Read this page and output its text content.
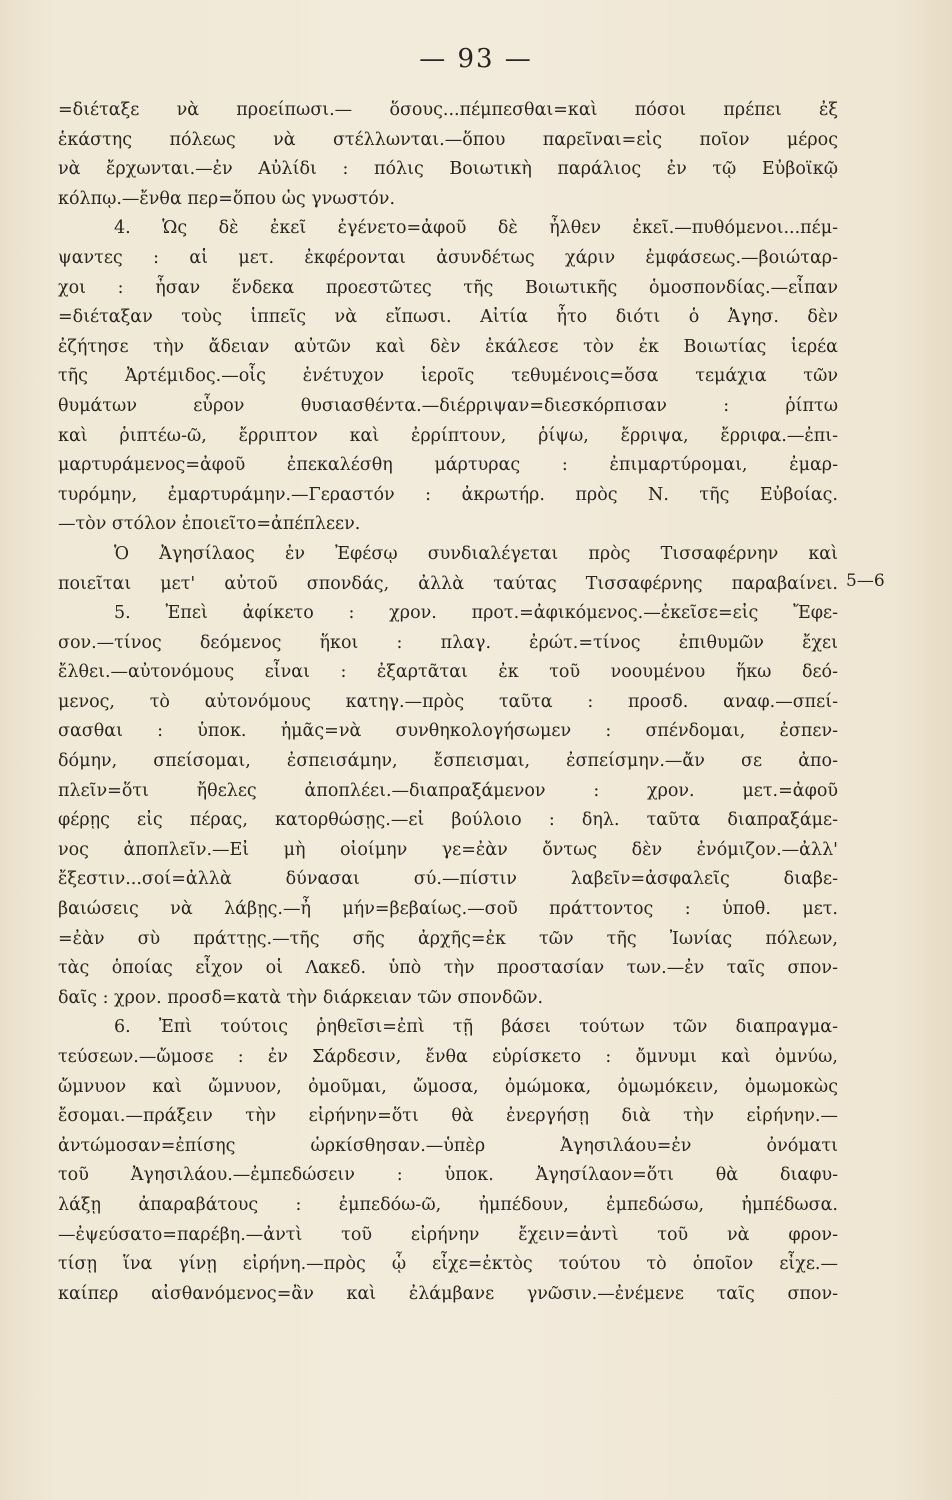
— 93 —
=διέταξε νὰ προείπωσι.— ὅσους...πέμπεσθαι=καὶ πόσοι πρέπει ἐξ
ἑκάστης πόλεως νὰ στέλλωνται.—ὅπου παρεῖναι=εἰς ποῖον μέρος
νὰ ἔρχωνται.—ἐν Αὐλίδι : πόλις Βοιωτικὴ παράλιος ἐν τῷ Εὐβοϊκῷ
κόλπῳ.—ἔνθα περ=ὅπου ὡς γνωστόν.
4. Ὡς δὲ ἐκεῖ ἐγένετο=ἀφοῦ δὲ ἦλθεν ἐκεῖ.—πυθόμενοι...πέμ-
ψαντες : αἱ μετ. ἐκφέρονται ἀσυνδέτως χάριν ἐμφάσεως.—βοιώταρ-
χοι : ἦσαν ἕνδεκα προεστῶτες τῆς Βοιωτικῆς ὁμοσπονδίας.—εἶπαν
=διέταξαν τοὺς ἱππεῖς νὰ εἴπωσι. Αἰτία ἦτο διότι ὁ Ἀγησ. δὲν
ἐζήτησε τὴν ἄδειαν αὐτῶν καὶ δὲν ἐκάλεσε τὸν ἐκ Βοιωτίας ἱερέα
τῆς Ἀρτέμιδος.—οἷς ἐνέτυχον ἱεροῖς τεθυμένοις=ὅσα τεμάχια τῶν
θυμάτων εὗρον θυσιασθέντα.—διέρριψαν=διεσκόρπισαν : ῥίπτω
καὶ ῥιπτέω-ῶ, ἔρριπτον καὶ ἐρρίπτουν, ῥίψω, ἔρριψα, ἔρριφα.—ἐπι-
μαρτυράμενος=ἀφοῦ ἐπεκαλέσθη μάρτυρας : ἐπιμαρτύρομαι, ἐμαρ-
τυρόμην, ἐμαρτυράμην.—Γεραστόν : ἀκρωτήρ. πρὸς Ν. τῆς Εὐβοίας.
—τὸν στόλον ἐποιεῖτο=ἀπέπλεεν.
Ὁ Ἀγησίλαος ἐν Ἐφέσῳ συνδιαλέγεται πρὸς Τισσαφέρνην καὶ
ποιεῖται μετ' αὐτοῦ σπονδάς, ἀλλὰ ταύτας Τισσαφέρνης παραβαίνει.
5. Ἐπεὶ ἀφίκετο : χρον. προτ.=ἀφικόμενος.—ἐκεῖσε=εἰς Ἔφε-
σον.—τίνος δεόμενος ἥκοι : πλαγ. ἐρώτ.=τίνος ἐπιθυμῶν ἔχει
ἔλθει.—αὐτονόμους εἶναι : ἐξαρτᾶται ἐκ τοῦ νοουμένου ἥκω δεό-
μενος, τὸ αὐτονόμους κατηγ.—πρὸς ταῦτα : προσδ. αναφ.—σπεί-
σασθαι : ὑποκ. ἡμᾶς=νὰ συνθηκολογήσωμεν : σπένδομαι, ἐσπεν-
δόμην, σπείσομαι, ἐσπεισάμην, ἔσπεισμαι, ἐσπείσμην.—ἄν σε ἀπο-
πλεῖν=ὅτι ἤθελες ἀποπλέει.—διαπραξάμενον : χρον. μετ.=ἀφοῦ
φέρῃς εἰς πέρας, κατορθώσῃς.—εἰ βούλοιο : δηλ. ταῦτα διαπραξάμε-
νος ἀποπλεῖν.—Εἰ μὴ οἰοίμην γε=ἐὰν ὄντως δὲν ἐνόμιζον.—ἀλλ'
ἔξεστιν...σοί=ἀλλὰ δύνασαι σύ.—πίστιν λαβεῖν=ἀσφαλεῖς διαβε-
βαιώσεις νὰ λάβῃς.—ἦ μήν=βεβαίως.—σοῦ πράττοντος : ὑποθ. μετ.
=ἐὰν σὺ πράττῃς.—τῆς σῆς ἀρχῆς=ἐκ τῶν τῆς Ἰωνίας πόλεων,
τὰς ὁποίας εἶχον οἱ Λακεδ. ὑπὸ τὴν προστασίαν των.—ἐν ταῖς σπον-
δαῖς : χρον. προσδ=κατὰ τὴν διάρκειαν τῶν σπονδῶν.
6. Ἐπὶ τούτοις ῥηθεῖσι=ἐπὶ τῇ βάσει τούτων τῶν διαπραγμα-
τεύσεων.—ὤμοσε : ἐν Σάρδεσιν, ἔνθα εὑρίσκετο : ὄμνυμι καὶ ὀμνύω,
ὤμνυον καὶ ὤμνυον, ὀμοῦμαι, ὤμοσα, ὀμώμοκα, ὀμωμόκειν, ὀμωμοκὼς
ἔσομαι.—πράξειν τὴν εἰρήνην=ὅτι θὰ ἐνεργήσῃ διὰ τὴν εἰρήνην.—
ἀντώμοσαν=ἐπίσης ὡρκίσθησαν.—ὑπὲρ Ἀγησιλάου=ἐν ὀνόματι
τοῦ Ἀγησιλάου.—ἐμπεδώσειν : ὑποκ. Ἀγησίλαον=ὅτι θὰ διαφυ-
λάξῃ ἀπαραβάτους : ἐμπεδόω-ῶ, ἠμπέδουν, ἐμπεδώσω, ἠμπέδωσα.
—ἐψεύσατο=παρέβη.—ἀντὶ τοῦ εἰρήνην ἔχειν=ἀντὶ τοῦ νὰ φρον-
τίσῃ ἵνα γίνῃ εἰρήνη.—πρὸς ᾧ εἶχε=ἐκτὸς τούτου τὸ ὁποῖον εἶχε.—
καίπερ αἰσθανόμενος=ἂν καὶ ἐλάμβανε γνῶσιν.—ἐνέμενε ταῖς σπον-
5—6
